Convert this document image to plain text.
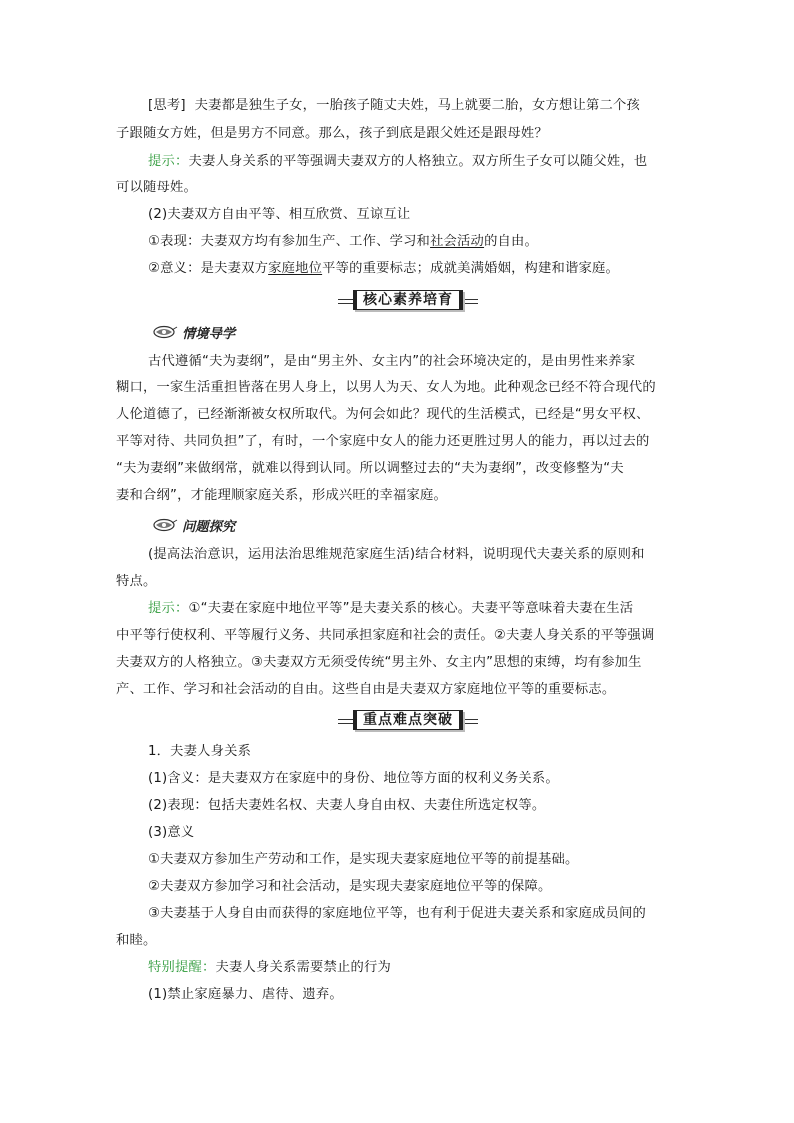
[思考] 夫妻都是独生子女，一胎孩子随丈夫姓，马上就要二胎，女方想让第二个孩
子跟随女方姓，但是男方不同意。那么，孩子到底是跟父姓还是跟母姓？
提示：夫妻人身关系的平等强调夫妻双方的人格独立。双方所生子女可以随父姓，也
可以随母姓。
(2)夫妻双方自由平等、相互欣赏、互谅互让
①表现：夫妻双方均有参加生产、工作、学习和社会活动的自由。
②意义：是夫妻双方家庭地位平等的重要标志；成就美满婚姻，构建和谐家庭。
核心素养培育
情境导学
古代遵循“夫为妻纲”，是由“男主外、女主内”的社会环境决定的，是由男性来养家
糊口，一家生活重担皆落在男人身上，以男人为天、女人为地。此种观念已经不符合现代的
人伦道德了，已经渐渐被女权所取代。为何会如此？现代的生活模式，已经是“男女平权、
平等对待、共同负担”了，有时，一个家庭中女人的能力还更胜过男人的能力，再以过去的
“夫为妻纲”来做纲常，就难以得到认同。所以调整过去的“夫为妻纲”，改变修整为“夫
妻和合纲”，才能理顺家庭关系，形成兴旺的幸福家庭。
问题探究
(提高法治意识，运用法治思维规范家庭生活)结合材料，说明现代夫妻关系的原则和
特点。
提示：①“夫妻在家庭中地位平等”是夫妻关系的核心。夫妻平等意味着夫妻在生活
中平等行使权利、平等履行义务、共同承担家庭和社会的责任。②夫妻人身关系的平等强调
夫妻双方的人格独立。③夫妻双方无须受传统“男主外、女主内”思想的束缚，均有参加生
产、工作、学习和社会活动的自由。这些自由是夫妻双方家庭地位平等的重要标志。
重点难点突破
1．夫妻人身关系
(1)含义：是夫妻双方在家庭中的身份、地位等方面的权利义务关系。
(2)表现：包括夫妻姓名权、夫妻人身自由权、夫妻住所选定权等。
(3)意义
①夫妻双方参加生产劳动和工作，是实现夫妻家庭地位平等的前提基础。
②夫妻双方参加学习和社会活动，是实现夫妻家庭地位平等的保障。
③夫妻基于人身自由而获得的家庭地位平等，也有利于促进夫妻关系和家庭成员间的
和睦。
特别提醒：夫妻人身关系需要禁止的行为
(1)禁止家庭暴力、虐待、遗弃。
